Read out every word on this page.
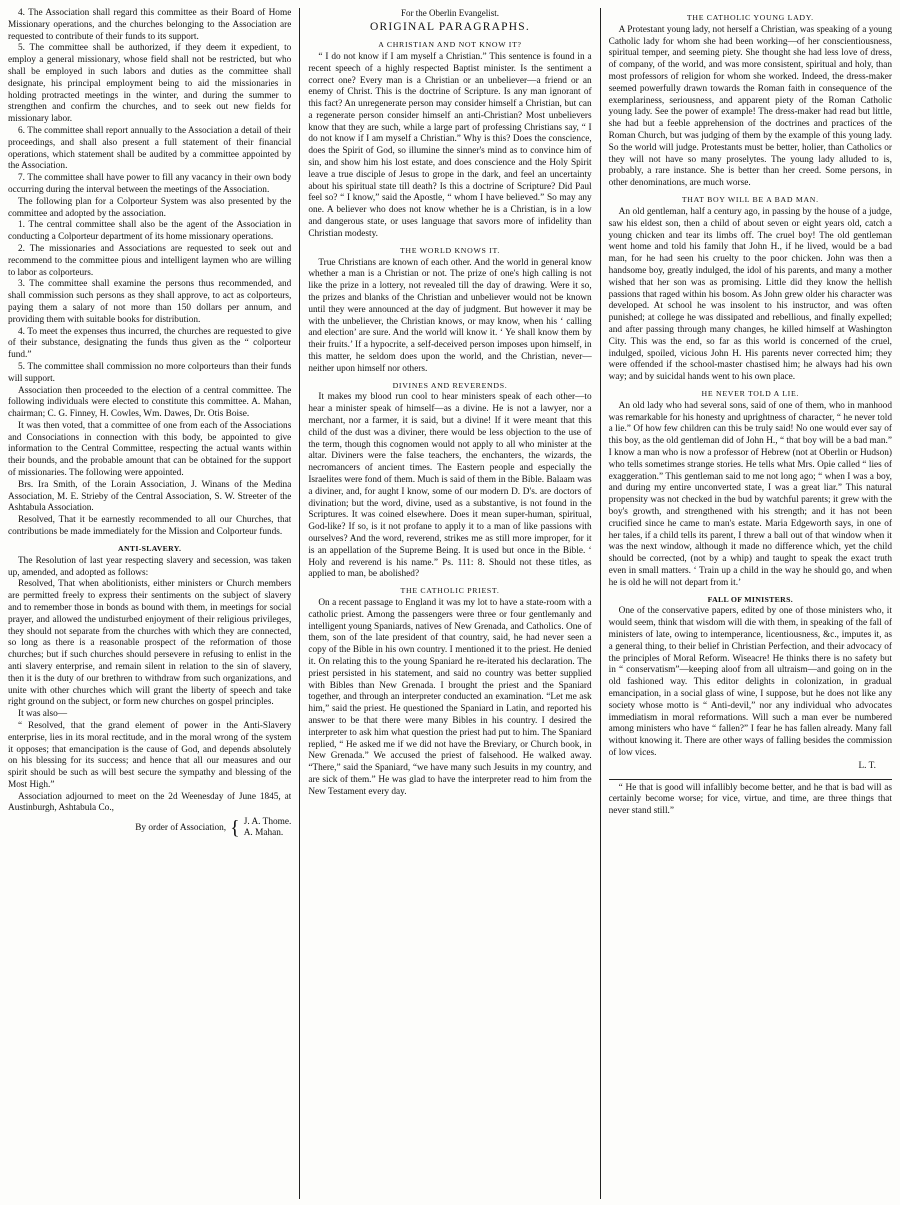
4. The Association shall regard this committee as their Board of Home Missionary operations, and the churches belonging to the Association are requested to contribute of their funds to its support.

5. The committee shall be authorized, if they deem it expedient, to employ a general missionary, whose field shall not be restricted, but who shall be employed in such labors and duties as the committee shall designate, his principal employment being to aid the missionaries in holding protracted meetings in the winter, and during the summer to strengthen and confirm the churches, and to seek out new fields for missionary labor.

6. The committee shall report annually to the Association a detail of their proceedings, and shall also present a full statement of their financial operations, which statement shall be audited by a committee appointed by the Association.

7. The committee shall have power to fill any vacancy in their own body occurring during the interval between the meetings of the Association.

The following plan for a Colporteur System was also presented by the committee and adopted by the association.

1. The central committee shall also be the agent of the Association in conducting a Colporteur department of its home missionary operations.

2. The missionaries and Associations are requested to seek out and recommend to the committee pious and intelligent laymen who are willing to labor as colporteurs.

3. The committee shall examine the persons thus recommended, and shall commission such persons as they shall approve, to act as colporteurs, paying them a salary of not more than 150 dollars per annum, and providing them with suitable books for distribution.

4. To meet the expenses thus incurred, the churches are requested to give of their substance, designating the funds thus given as the “ colporteur fund.”

5. The committee shall commission no more colporteurs than their funds will support.

Association then proceeded to the election of a central committee. The following individuals were elected to constitute this committee. A. Mahan, chairman; C. G. Finney, H. Cowles, Wm. Dawes, Dr. Otis Boise.

It was then voted, that a committee of one from each of the Associations and Consociations in connection with this body, be appointed to give information to the Central Committee, respecting the actual wants within their bounds, and the probable amount that can be obtained for the support of missionaries. The following were appointed.

Brs. Ira Smith, of the Lorain Association, J. Winans of the Medina Association, M. E. Strieby of the Central Association, S. W. Streeter of the Ashtabula Association.

Resolved, That it be earnestly recommended to all our Churches, that contributions be made immediately for the Mission and Colporteur funds.

ANTI-SLAVERY.

The Resolution of last year respecting slavery and secession, was taken up, amended, and adopted as follows:

Resolved, That when abolitionists, either ministers or Church members are permitted freely to express their sentiments on the subject of slavery and to remember those in bonds as bound with them, in meetings for social prayer, and allowed the undisturbed enjoyment of their religious privileges, they should not separate from the churches with which they are connected, so long as there is a reasonable prospect of the reformation of those churches; but if such churches should persevere in refusing to enlist in the anti slavery enterprise, and remain silent in relation to the sin of slavery, then it is the duty of our brethren to withdraw from such organizations, and unite with other churches which will grant the liberty of speech and take right ground on the subject, or form new churches on gospel principles.

It was also—

“ Resolved, that the grand element of power in the Anti-Slavery enterprise, lies in its moral rectitude, and in the moral wrong of the system it opposes; that emancipation is the cause of God, and depends absolutely on his blessing for its success; and hence that all our measures and our spirit should be such as will best secure the sympathy and blessing of the Most High.”

Association adjourned to meet on the 2d Weenesday of June 1845, at Austinburgh, Ashtabula Co.,

By order of Association, { J. A. Thome.
A. Mahan.
For the Oberlin Evangelist.
ORIGINAL PARAGRAPHS.
A CHRISTIAN AND NOT KNOW IT?

“ I do not know if I am myself a Christian.” This sentence is found in a recent speech of a highly respected Baptist minister. Is the sentiment a correct one? Every man is a Christian or an unbeliever—a friend or an enemy of Christ. This is the doctrine of Scripture. Is any man ignorant of this fact? An unregenerate person may consider himself a Christian, but can a regenerate person consider himself an anti-Christian? Most unbelievers know that they are such, while a large part of professing Christians say, “ I do not know if I am myself a Christian.” Why is this? Does the conscience, does the Spirit of God, so illumine the sinner's mind as to convince him of sin, and show him his lost estate, and does conscience and the Holy Spirit leave a true disciple of Jesus to grope in the dark, and feel an uncertainty about his spiritual state till death? Is this a doctrine of Scripture? Did Paul feel so? “ I know,” said the Apostle, “ whom I have believed.” So may any one. A believer who does not know whether he is a Christian, is in a low and dangerous state, or uses language that savors more of infidelity than Christian modesty.

THE WORLD KNOWS IT.

True Christians are known of each other. And the world in general know whether a man is a Christian or not. The prize of one's high calling is not like the prize in a lottery, not revealed till the day of drawing. Were it so, the prizes and blanks of the Christian and unbeliever would not be known until they were announced at the day of judgment. But however it may be with the unbeliever, the Christian knows, or may know, when his ‘ calling and election’ are sure. And the world will know it. ‘ Ye shall know them by their fruits.’ If a hypocrite, a self-deceived person imposes upon himself, in this matter, he seldom does upon the world, and the Christian, never—neither upon himself nor others.

DIVINES AND REVERENDS.

It makes my blood run cool to hear ministers speak of each other—to hear a minister speak of himself—as a divine. He is not a lawyer, nor a merchant, nor a farmer, it is said, but a divine! If it were meant that this child of the dust was a diviner, there would be less objection to the use of the term, though this cognomen would not apply to all who minister at the altar. Diviners were the false teachers, the enchanters, the wizards, the necromancers of ancient times. The Eastern people and especially the Israelites were fond of them. Much is said of them in the Bible. Balaam was a diviner, and, for aught I know, some of our modern D. D's. are doctors of divination; but the word, divine, used as a substantive, is not found in the Scriptures. It was coined elsewhere. Does it mean super-human, spiritual, God-like? If so, is it not profane to apply it to a man of like passions with ourselves? And the word, reverend, strikes me as still more improper, for it is an appellation of the Supreme Being. It is used but once in the Bible. ‘ Holy and reverend is his name.” Ps. 111: 8. Should not these titles, as applied to man, be abolished?

THE CATHOLIC PRIEST.

On a recent passage to England it was my lot to have a state-room with a catholic priest. Among the passengers were three or four gentlemanly and intelligent young Spaniards, natives of New Grenada, and Catholics. One of them, son of the late president of that country, said, he had never seen a copy of the Bible in his own country. I mentioned it to the priest. He denied it. On relating this to the young Spaniard he re-iterated his declaration. The priest persisted in his statement, and said no country was better supplied with Bibles than New Grenada. I brought the priest and the Spaniard together, and through an interpreter conducted an examination. “Let me ask him,” said the priest. He questioned the Spaniard in Latin, and reported his answer to be that there were many Bibles in his country. I desired the interpreter to ask him what question the priest had put to him. The Spaniard replied, “ He asked me if we did not have the Breviary, or Church book, in New Grenada.” We accused the priest of falsehood. He walked away. “There,” said the Spaniard, “we have many such Jesuits in my country, and are sick of them.” He was glad to have the interpreter read to him from the New Testament every day.

THE CATHOLIC YOUNG LADY.

A Protestant young lady, not herself a Christian, was speaking of a young Catholic lady for whom she had been working—of her conscientiousness, spiritual temper, and seeming piety. She thought she had less love of dress, of company, of the world, and was more consistent, spiritual and holy, than most professors of religion for whom she worked. Indeed, the dress-maker seemed powerfully drawn towards the Roman faith in consequence of the exemplariness, seriousness, and apparent piety of the Roman Catholic young lady. See the power of example! The dress-maker had read but little, she had but a feeble apprehension of the doctrines and practices of the Roman Church, but was judging of them by the example of this young lady. So the world will judge. Protestants must be better, holier, than Catholics or they will not have so many proselytes. The young lady alluded to is, probably, a rare instance. She is better than her creed. Some persons, in other denominations, are much worse.

THAT BOY WILL BE A BAD MAN.

An old gentleman, half a century ago, in passing by the house of a judge, saw his eldest son, then a child of about seven or eight years old, catch a young chicken and tear its limbs off. The cruel boy! The old gentleman went home and told his family that John H., if he lived, would be a bad man, for he had seen his cruelty to the poor chicken. John was then a handsome boy, greatly indulged, the idol of his parents, and many a mother wished that her son was as promising. Little did they know the hellish passions that raged within his bosom. As John grew older his character was developed. At school he was insolent to his instructor, and was often punished; at college he was dissipated and rebellious, and finally expelled; and after passing through many changes, he killed himself at Washington City. This was the end, so far as this world is concerned of the cruel, indulged, spoiled, vicious John H. His parents never corrected him; they were offended if the school-master chastised him; he always had his own way; and by suicidal hands went to his own place.

HE NEVER TOLD A LIE.

An old lady who had several sons, said of one of them, who in manhood was remarkable for his honesty and uprightness of character, “ he never told a lie.” Of how few children can this be truly said! No one would ever say of this boy, as the old gentleman did of John H., “ that boy will be a bad man.” I know a man who is now a professor of Hebrew (not at Oberlin or Hudson) who tells sometimes strange stories. He tells what Mrs. Opie called “ lies of exaggeration.” This gentleman said to me not long ago; “ when I was a boy, and during my entire unconverted state, I was a great liar.” This natural propensity was not checked in the bud by watchful parents; it grew with the boy's growth, and strengthened with his strength; and it has not been crucified since he came to man's estate. Maria Edgeworth says, in one of her tales, if a child tells its parent, I threw a ball out of that window when it was the next window, although it made no difference which, yet the child should be corrected, (not by a whip) and taught to speak the exact truth even in small matters. ‘ Train up a child in the way he should go, and when he is old he will not depart from it.’

FALL OF MINISTERS.

One of the conservative papers, edited by one of those ministers who, it would seem, think that wisdom will die with them, in speaking of the fall of ministers of late, owing to intemperance, licentiousness, &c., imputes it, as a general thing, to their belief in Christian Perfection, and their advocacy of the principles of Moral Reform. Wiseacre! He thinks there is no safety but in “ conservatism”—keeping aloof from all ultraism—and going on in the old fashioned way. This editor delights in colonization, in gradual emancipation, in a social glass of wine, I suppose, but he does not like any society whose motto is “ Anti-devil,” nor any individual who advocates immediatism in moral reformations. Will such a man ever be numbered among ministers who have “ fallen?” I fear he has fallen already. Many fall without knowing it. There are other ways of falling besides the commission of low vices.

L. T.

“ He that is good will infallibly become better, and he that is bad will as certainly become worse; for vice, virtue, and time, are three things that never stand still.”
